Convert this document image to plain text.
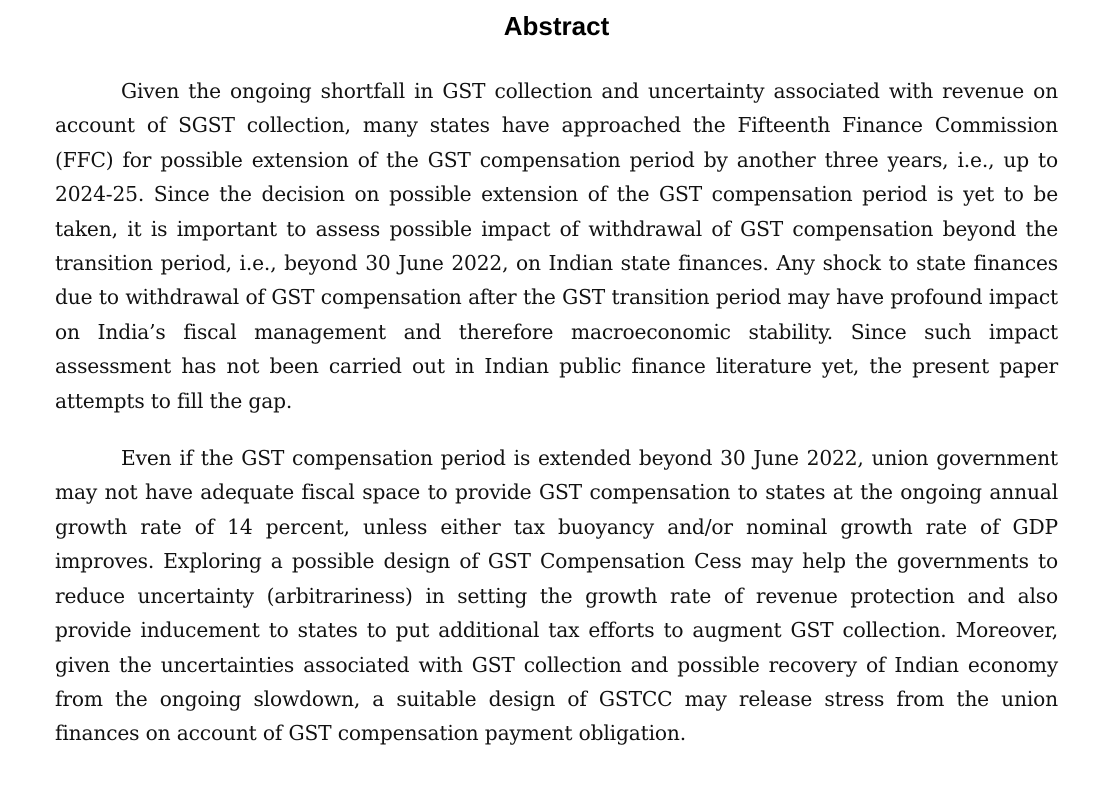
Abstract

Given the ongoing shortfall in GST collection and uncertainty associated with revenue on account of SGST collection, many states have approached the Fifteenth Finance Commission (FFC) for possible extension of the GST compensation period by another three years, i.e., up to 2024-25. Since the decision on possible extension of the GST compensation period is yet to be taken, it is important to assess possible impact of withdrawal of GST compensation beyond the transition period, i.e., beyond 30 June 2022, on Indian state finances. Any shock to state finances due to withdrawal of GST compensation after the GST transition period may have profound impact on India’s fiscal management and therefore macroeconomic stability. Since such impact assessment has not been carried out in Indian public finance literature yet, the present paper attempts to fill the gap.

Even if the GST compensation period is extended beyond 30 June 2022, union government may not have adequate fiscal space to provide GST compensation to states at the ongoing annual growth rate of 14 percent, unless either tax buoyancy and/or nominal growth rate of GDP improves. Exploring a possible design of GST Compensation Cess may help the governments to reduce uncertainty (arbitrariness) in setting the growth rate of revenue protection and also provide inducement to states to put additional tax efforts to augment GST collection. Moreover, given the uncertainties associated with GST collection and possible recovery of Indian economy from the ongoing slowdown, a suitable design of GSTCC may release stress from the union finances on account of GST compensation payment obligation.
